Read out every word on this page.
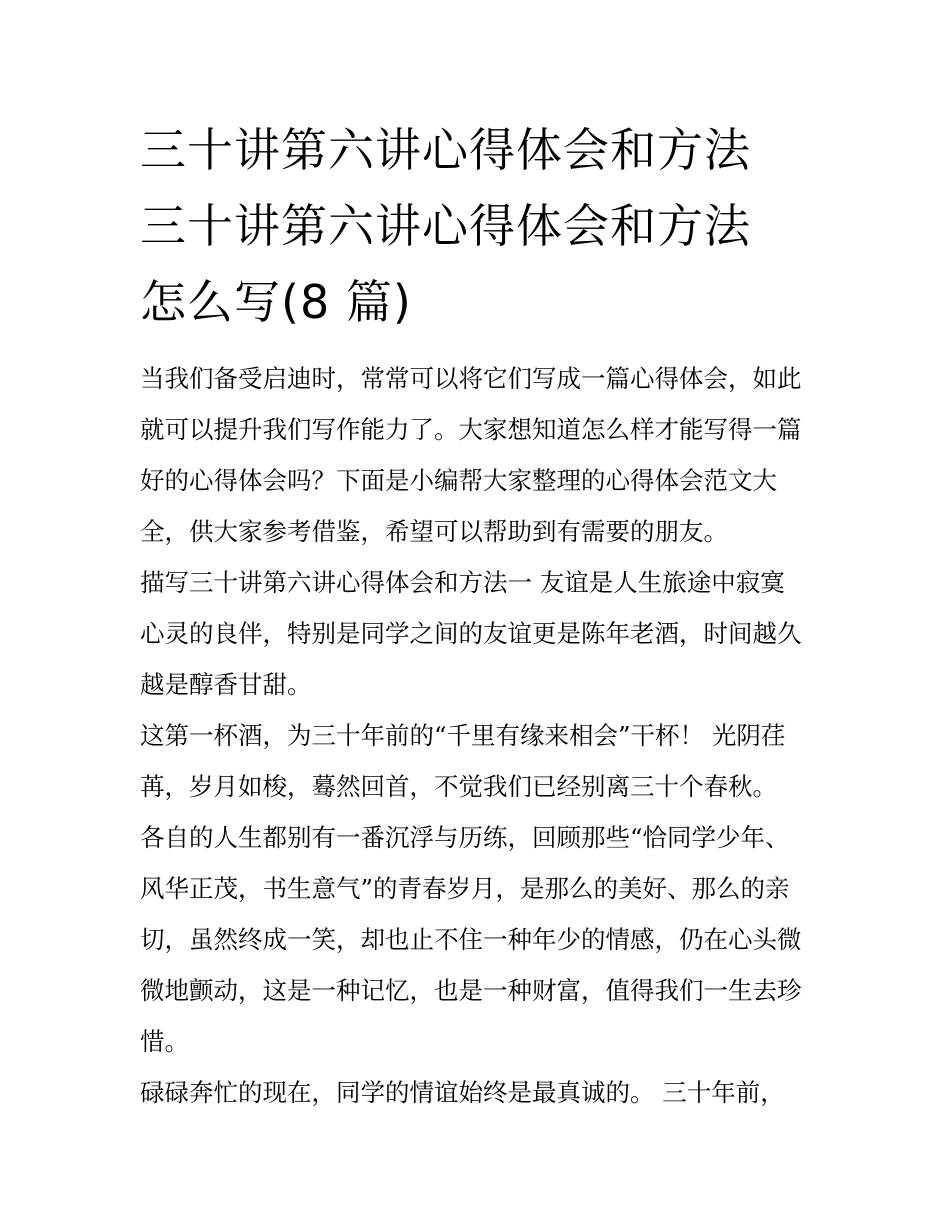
三十讲第六讲心得体会和方法
三十讲第六讲心得体会和方法
怎么写(8 篇)
当我们备受启迪时，常常可以将它们写成一篇心得体会，如此
就可以提升我们写作能力了。大家想知道怎么样才能写得一篇
好的心得体会吗？下面是小编帮大家整理的心得体会范文大
全，供大家参考借鉴，希望可以帮助到有需要的朋友。
描写三十讲第六讲心得体会和方法一 友谊是人生旅途中寂寞
心灵的良伴，特别是同学之间的友谊更是陈年老酒，时间越久
越是醇香甘甜。
这第一杯酒，为三十年前的“千里有缘来相会”干杯！ 光阴荏
苒，岁月如梭，蓦然回首，不觉我们已经别离三十个春秋。
各自的人生都别有一番沉浮与历练，回顾那些“恰同学少年、
风华正茂，书生意气”的青春岁月，是那么的美好、那么的亲
切，虽然终成一笑，却也止不住一种年少的情感，仍在心头微
微地颤动，这是一种记忆，也是一种财富，值得我们一生去珍
惜。
碌碌奔忙的现在，同学的情谊始终是最真诚的。 三十年前，
